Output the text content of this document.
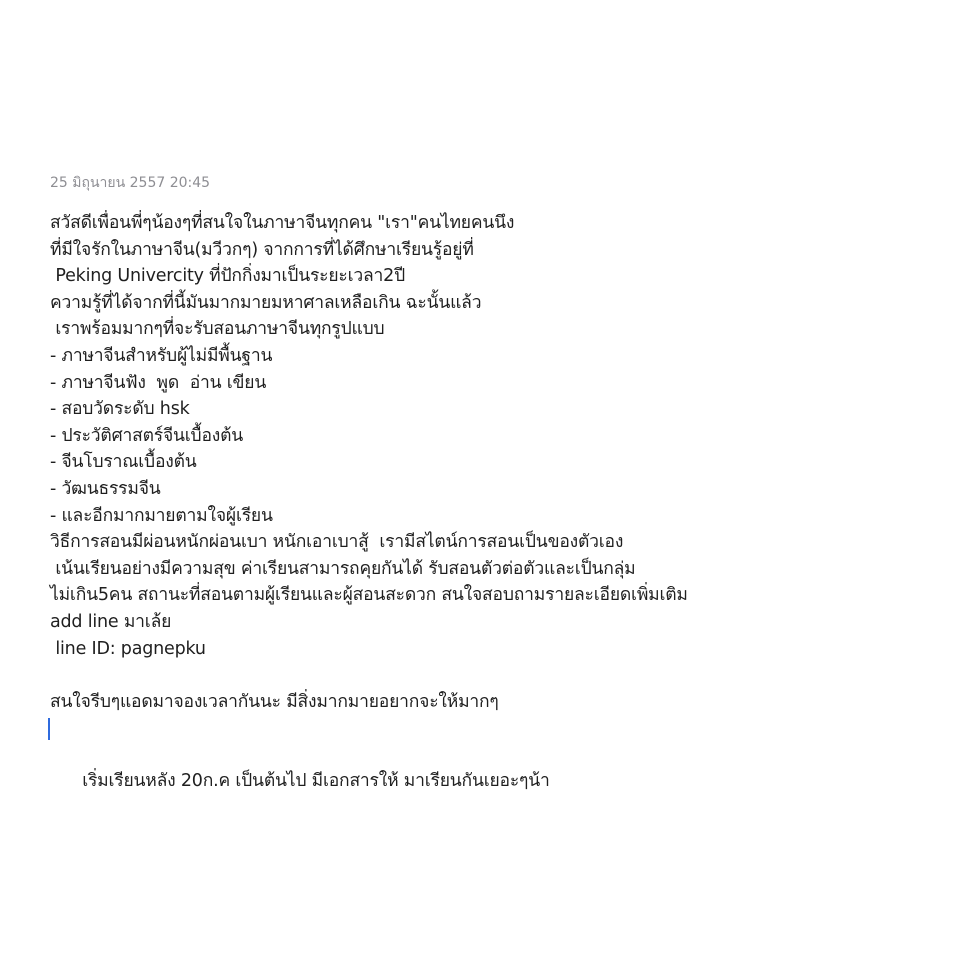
25 มิถุนายน 2557 20:45
สวัสดีเพื่อนพี่ๆน้องๆที่สนใจในภาษาจีนทุกคน "เรา"คนไทยคนนึง
ที่มีใจรักในภาษาจีน(มวีวกๆ) จากการที่ได้ศึกษาเรียนรู้อยู่ที่
Peking Univercity ที่ปักกิ่งมาเป็นระยะเวลา2ปี
ความรู้ที่ได้จากที่นี้มันมากมายมหาศาลเหลือเกิน ฉะนั้นแล้ว
เราพร้อมมากๆที่จะรับสอนภาษาจีนทุกรูปแบบ
- ภาษาจีนสำหรับผู้ไม่มีพื้นฐาน
- ภาษาจีนฟัง  พูด  อ่าน เขียน
- สอบวัดระดับ hsk
- ประวัติศาสตร์จีนเบื้องต้น
- จีนโบราณเบื้องต้น
- วัฒนธรรมจีน
- และอีกมากมายตามใจผู้เรียน
วิธีการสอนมีผ่อนหนักผ่อนเบา หนักเอาเบาสู้  เรามีสไตน์การสอนเป็นของตัวเอง
เน้นเรียนอย่างมีความสุข ค่าเรียนสามารถคุยกันได้ รับสอนตัวต่อตัวและเป็นกลุ่ม
ไม่เกิน5คน สถานะที่สอนตามผู้เรียนและผู้สอนสะดวก สนใจสอบถามรายละเอียดเพิ่มเติม
add line มาเล้ย
line ID: pagnepku
สนใจรีบๆแอดมาจองเวลากันนะ มีสิ่งมากมายอยากจะให้มากๆ

เริ่มเรียนหลัง 20ก.ค เป็นต้นไป มีเอกสารให้ มาเรียนกันเยอะๆน้า
